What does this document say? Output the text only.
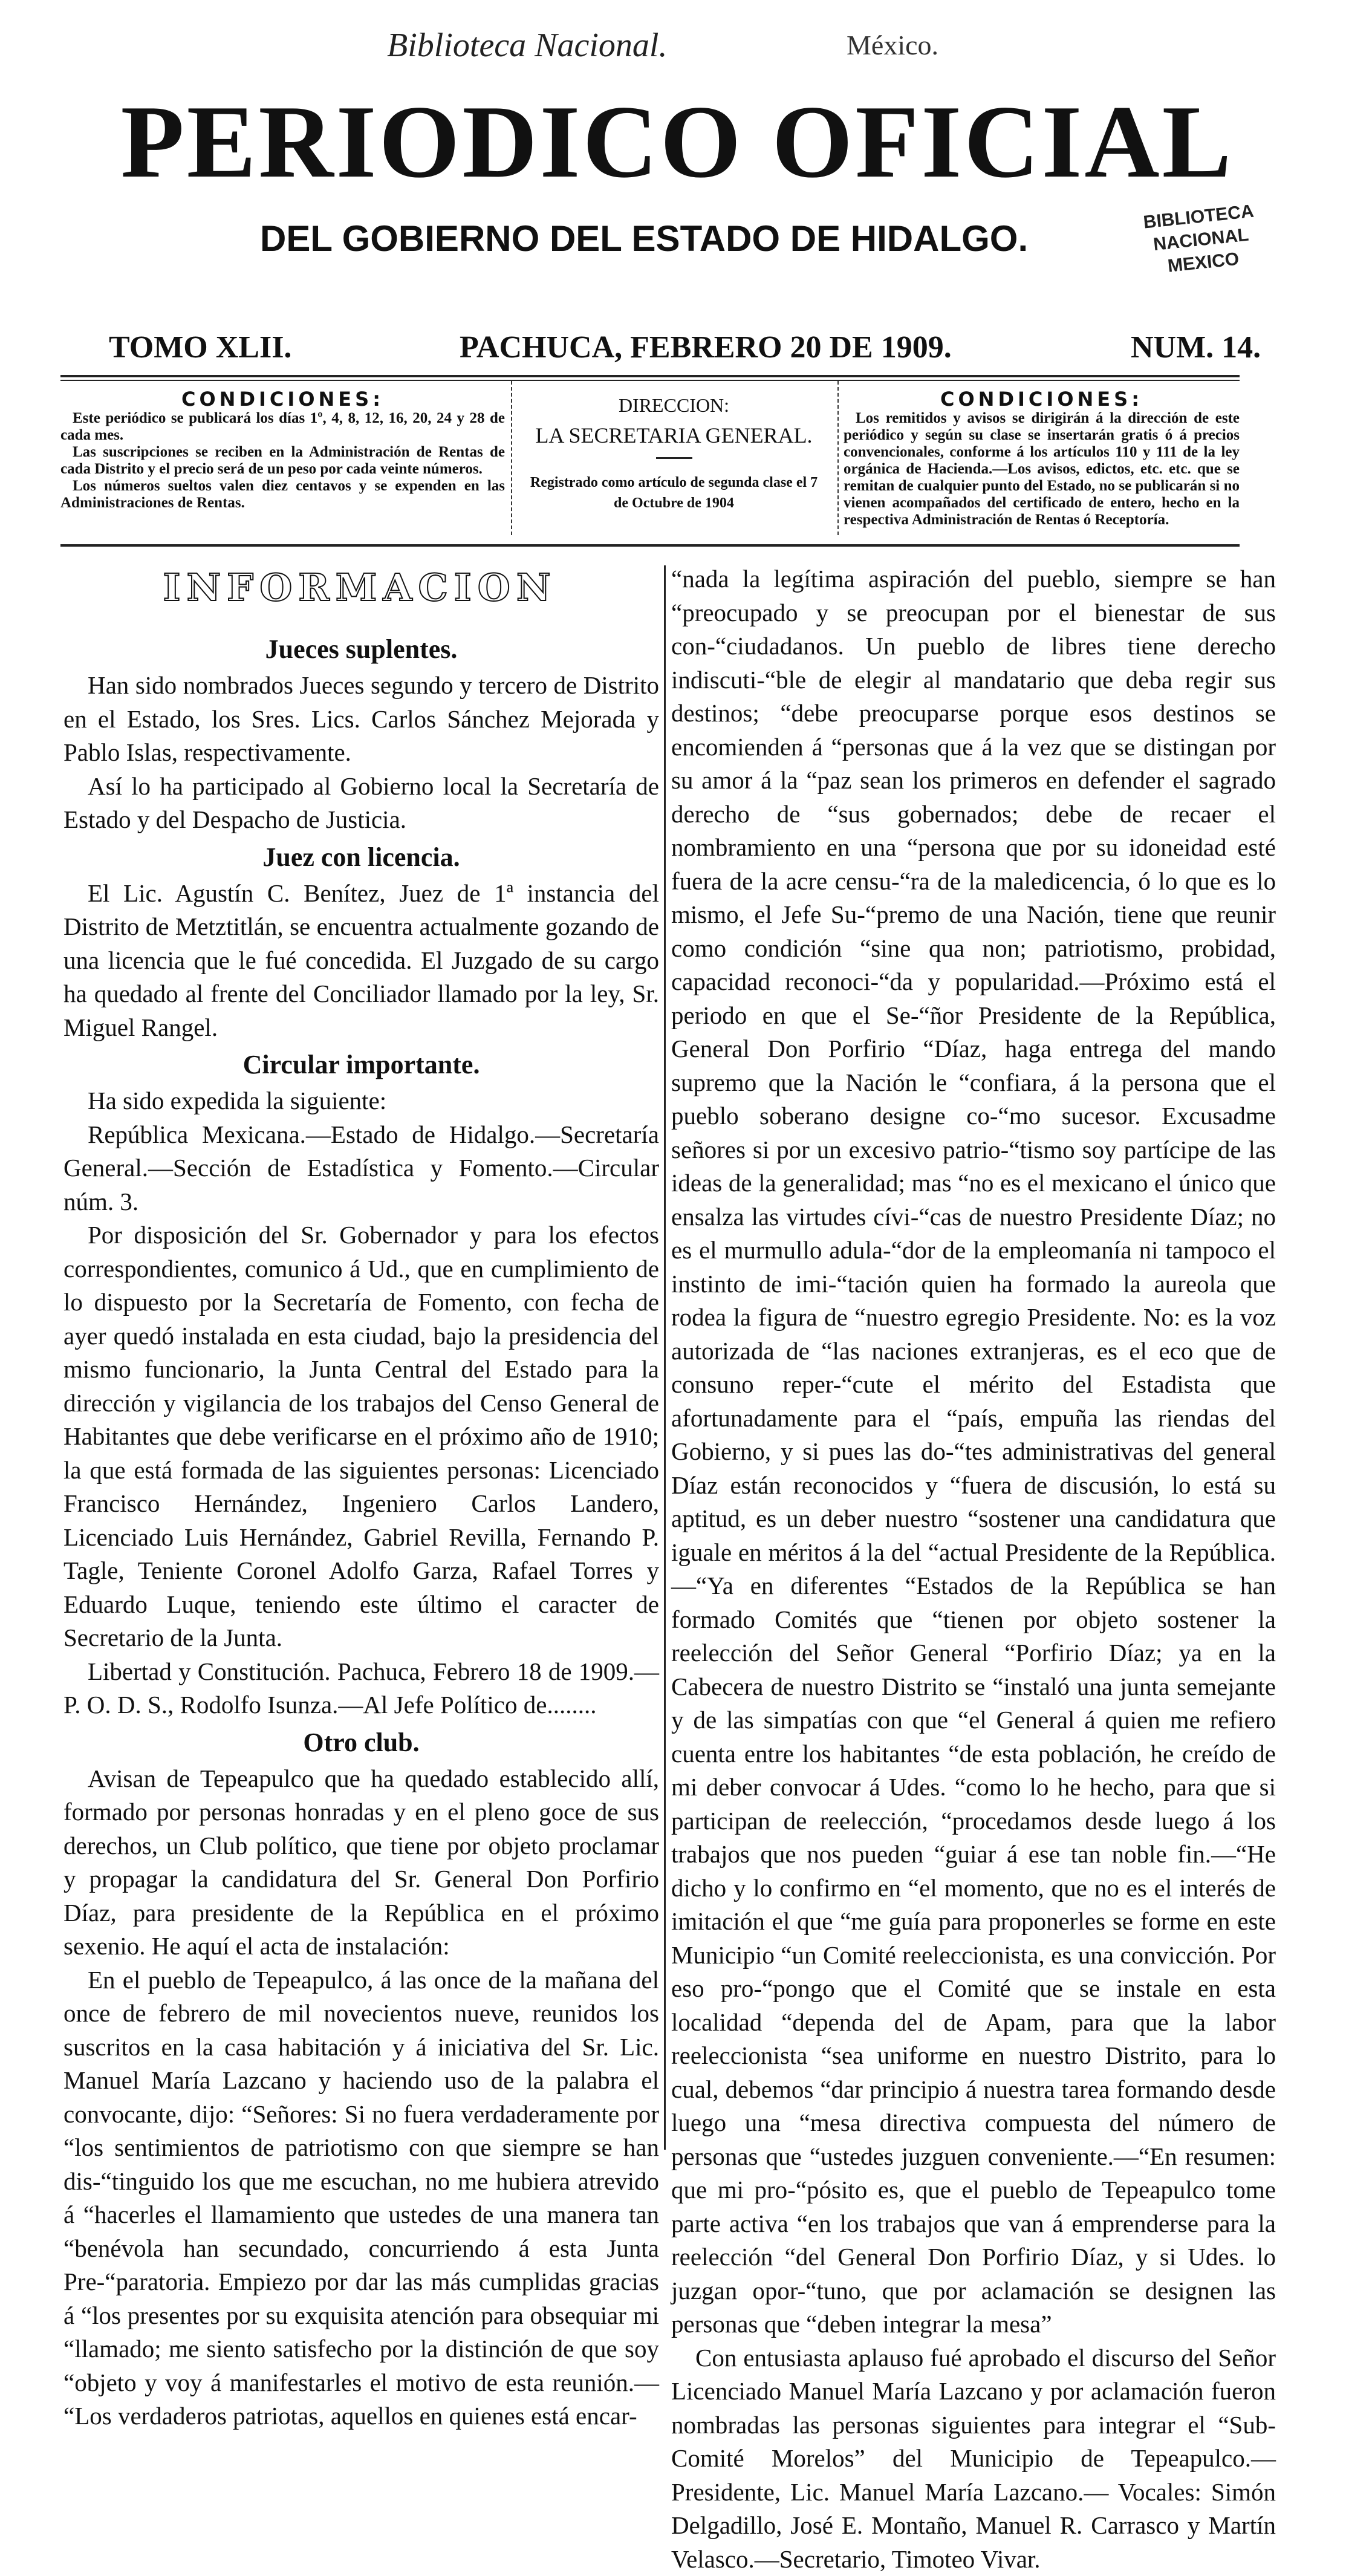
Biblioteca Nacional.	México.
PERIODICO OFICIAL
DEL GOBIERNO DEL ESTADO DE HIDALGO.
BIBLIOTECA NACIONAL MEXICO
TOMO XLII.	PACHUCA, FEBRERO 20 DE 1909.	NUM. 14.
CONDICIONES:

Este periódico se publicará los días 1º, 4, 8, 12, 16, 20, 24 y 28 de cada mes.

Las suscripciones se reciben en la Administración de Rentas de cada Distrito y el precio será de un peso por cada veinte números.

Los números sueltos valen diez centavos y se expenden en las Administraciones de Rentas.

DIRECCION:
LA SECRETARIA GENERAL.
Registrado como artículo de segunda clase el 7 de Octubre de 1904
CONDICIONES:

Los remitidos y avisos se dirigirán á la dirección de este periódico y según su clase se insertarán gratis ó á precios convencionales, conforme á los artículos 110 y 111 de la ley orgánica de Hacienda.—Los avisos, edictos, etc. etc. que se remitan de cualquier punto del Estado, no se publicarán si no vienen acompañados del certificado de entero, hecho en la respectiva Administración de Rentas ó Receptoría.

INFORMACION
Jueces suplentes.

Han sido nombrados Jueces segundo y tercero de Distrito en el Estado, los Sres. Lics. Carlos Sánchez Mejorada y Pablo Islas, respectivamente.

Así lo ha participado al Gobierno local la Secretaría de Estado y del Despacho de Justicia.

Juez con licencia.

El Lic. Agustín C. Benítez, Juez de 1ª instancia del Distrito de Metztitlán, se encuentra actualmente gozando de una licencia que le fué concedida. El Juzgado de su cargo ha quedado al frente del Conciliador llamado por la ley, Sr. Miguel Rangel.

Circular importante.

Ha sido expedida la siguiente:

República Mexicana.—Estado de Hidalgo.—Secretaría General.—Sección de Estadística y Fomento.—Circular núm. 3.

Por disposición del Sr. Gobernador y para los efectos correspondientes, comunico á Ud., que en cumplimiento de lo dispuesto por la Secretaría de Fomento, con fecha de ayer quedó instalada en esta ciudad, bajo la presidencia del mismo funcionario, la Junta Central del Estado para la dirección y vigilancia de los trabajos del Censo General de Habitantes que debe verificarse en el próximo año de 1910; la que está formada de las siguientes personas: Licenciado Francisco Hernández, Ingeniero Carlos Landero, Licenciado Luis Hernández, Gabriel Revilla, Fernando P. Tagle, Teniente Coronel Adolfo Garza, Rafael Torres y Eduardo Luque, teniendo este último el caracter de Secretario de la Junta.

Libertad y Constitución. Pachuca, Febrero 18 de 1909.— P. O. D. S., Rodolfo Isunza.—Al Jefe Político de........

Otro club.

Avisan de Tepeapulco que ha quedado establecido allí, formado por personas honradas y en el pleno goce de sus derechos, un Club político, que tiene por objeto proclamar y propagar la candidatura del Sr. General Don Porfirio Díaz, para presidente de la República en el próximo sexenio. He aquí el acta de instalación:

En el pueblo de Tepeapulco, á las once de la mañana del once de febrero de mil novecientos nueve, reunidos los suscritos en la casa habitación y á iniciativa del Sr. Lic. Manuel María Lazcano y haciendo uso de la palabra el convocante, dijo: “Señores: Si no fuera verdaderamente por “los sentimientos de patriotismo con que siempre se han dis-“tinguido los que me escuchan, no me hubiera atrevido á “hacerles el llamamiento que ustedes de una manera tan “benévola han secundado, concurriendo á esta Junta Pre-“paratoria. Empiezo por dar las más cumplidas gracias á “los presentes por su exquisita atención para obsequiar mi “llamado; me siento satisfecho por la distinción de que soy “objeto y voy á manifestarles el motivo de esta reunión.— “Los verdaderos patriotas, aquellos en quienes está encar-

“nada la legítima aspiración del pueblo, siempre se han “preocupado y se preocupan por el bienestar de sus con-“ciudadanos. Un pueblo de libres tiene derecho indiscuti-“ble de elegir al mandatario que deba regir sus destinos; “debe preocuparse porque esos destinos se encomienden á “personas que á la vez que se distingan por su amor á la “paz sean los primeros en defender el sagrado derecho de “sus gobernados; debe de recaer el nombramiento en una “persona que por su idoneidad esté fuera de la acre censu-“ra de la maledicencia, ó lo que es lo mismo, el Jefe Su-“premo de una Nación, tiene que reunir como condición “sine qua non; patriotismo, probidad, capacidad reconoci-“da y popularidad.—Próximo está el periodo en que el Se-“ñor Presidente de la República, General Don Porfirio “Díaz, haga entrega del mando supremo que la Nación le “confiara, á la persona que el pueblo soberano designe co-“mo sucesor. Excusadme señores si por un excesivo patrio-“tismo soy partícipe de las ideas de la generalidad; mas “no es el mexicano el único que ensalza las virtudes cívi-“cas de nuestro Presidente Díaz; no es el murmullo adula-“dor de la empleomanía ni tampoco el instinto de imi-“tación quien ha formado la aureola que rodea la figura de “nuestro egregio Presidente. No: es la voz autorizada de “las naciones extranjeras, es el eco que de consuno reper-“cute el mérito del Estadista que afortunadamente para el “país, empuña las riendas del Gobierno, y si pues las do-“tes administrativas del general Díaz están reconocidos y “fuera de discusión, lo está su aptitud, es un deber nuestro “sostener una candidatura que iguale en méritos á la del “actual Presidente de la República.—“Ya en diferentes “Estados de la República se han formado Comités que “tienen por objeto sostener la reelección del Señor General “Porfirio Díaz; ya en la Cabecera de nuestro Distrito se “instaló una junta semejante y de las simpatías con que “el General á quien me refiero cuenta entre los habitantes “de esta población, he creído de mi deber convocar á Udes. “como lo he hecho, para que si participan de reelección, “procedamos desde luego á los trabajos que nos pueden “guiar á ese tan noble fin.—“He dicho y lo confirmo en “el momento, que no es el interés de imitación el que “me guía para proponerles se forme en este Municipio “un Comité reeleccionista, es una convicción. Por eso pro-“pongo que el Comité que se instale en esta localidad “dependa del de Apam, para que la labor reeleccionista “sea uniforme en nuestro Distrito, para lo cual, debemos “dar principio á nuestra tarea formando desde luego una “mesa directiva compuesta del número de personas que “ustedes juzguen conveniente.—“En resumen: que mi pro-“pósito es, que el pueblo de Tepeapulco tome parte activa “en los trabajos que van á emprenderse para la reelección “del General Don Porfirio Díaz, y si Udes. lo juzgan opor-“tuno, que por aclamación se designen las personas que “deben integrar la mesa”

Con entusiasta aplauso fué aprobado el discurso del Señor Licenciado Manuel María Lazcano y por aclamación fueron nombradas las personas siguientes para integrar el “Sub-Comité Morelos” del Municipio de Tepeapulco.— Presidente, Lic. Manuel María Lazcano.— Vocales: Simón Delgadillo, José E. Montaño, Manuel R. Carrasco y Martín Velasco.—Secretario, Timoteo Vivar.
